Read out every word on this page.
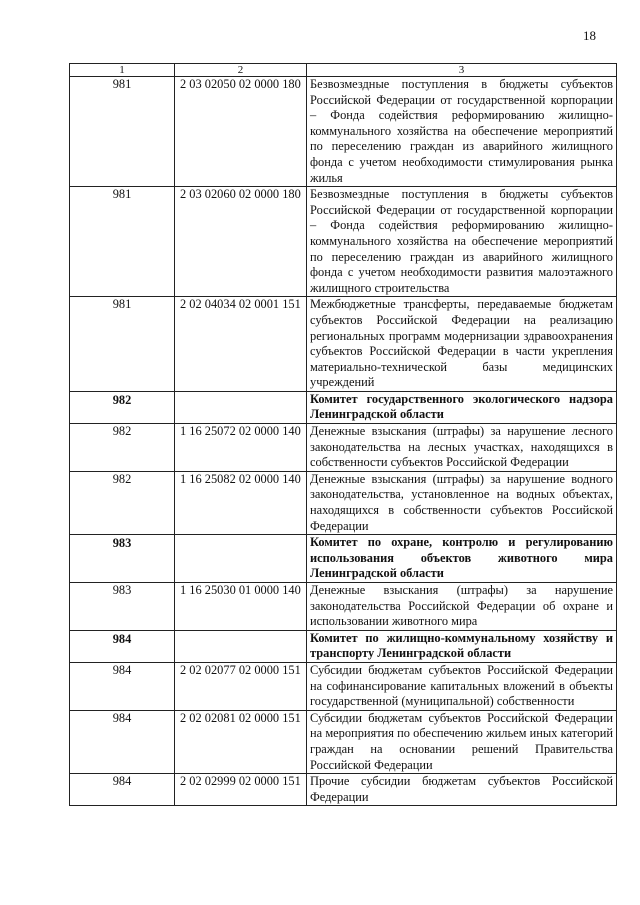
18
1	2	3
981	2 03 02050 02 0000 180	Безвозмездные поступления в бюджеты субъектов Российской Федерации от государственной корпорации – Фонда содействия реформированию жилищно-коммунального хозяйства на обеспечение мероприятий по переселению граждан из аварийного жилищного фонда с учетом необходимости стимулирования рынка жилья
981	2 03 02060 02 0000 180	Безвозмездные поступления в бюджеты субъектов Российской Федерации от государственной корпорации – Фонда содействия реформированию жилищно-коммунального хозяйства на обеспечение мероприятий по переселению граждан из аварийного жилищного фонда с учетом необходимости развития малоэтажного жилищного строительства
981	2 02 04034 02 0001 151	Межбюджетные трансферты, передаваемые бюджетам субъектов Российской Федерации на реализацию региональных программ модернизации здравоохранения субъектов Российской Федерации в части укрепления материально-технической базы медицинских учреждений
982		Комитет государственного экологического надзора Ленинградской области
982	1 16 25072 02 0000 140	Денежные взыскания (штрафы) за нарушение лесного законодательства на лесных участках, находящихся в собственности субъектов Российской Федерации
982	1 16 25082 02 0000 140	Денежные взыскания (штрафы) за нарушение водного законодательства, установленное на водных объектах, находящихся в собственности субъектов Российской Федерации
983		Комитет по охране, контролю и регулированию использования объектов животного мира Ленинградской области
983	1 16 25030 01 0000 140	Денежные взыскания (штрафы) за нарушение законодательства Российской Федерации об охране и использовании животного мира
984		Комитет по жилищно-коммунальному хозяйству и транспорту Ленинградской области
984	2 02 02077 02 0000 151	Субсидии бюджетам субъектов Российской Федерации на софинансирование капитальных вложений в объекты государственной (муниципальной) собственности
984	2 02 02081 02 0000 151	Субсидии бюджетам субъектов Российской Федерации на мероприятия по обеспечению жильем иных категорий граждан на основании решений Правительства Российской Федерации
984	2 02 02999 02 0000 151	Прочие субсидии бюджетам субъектов Российской Федерации
